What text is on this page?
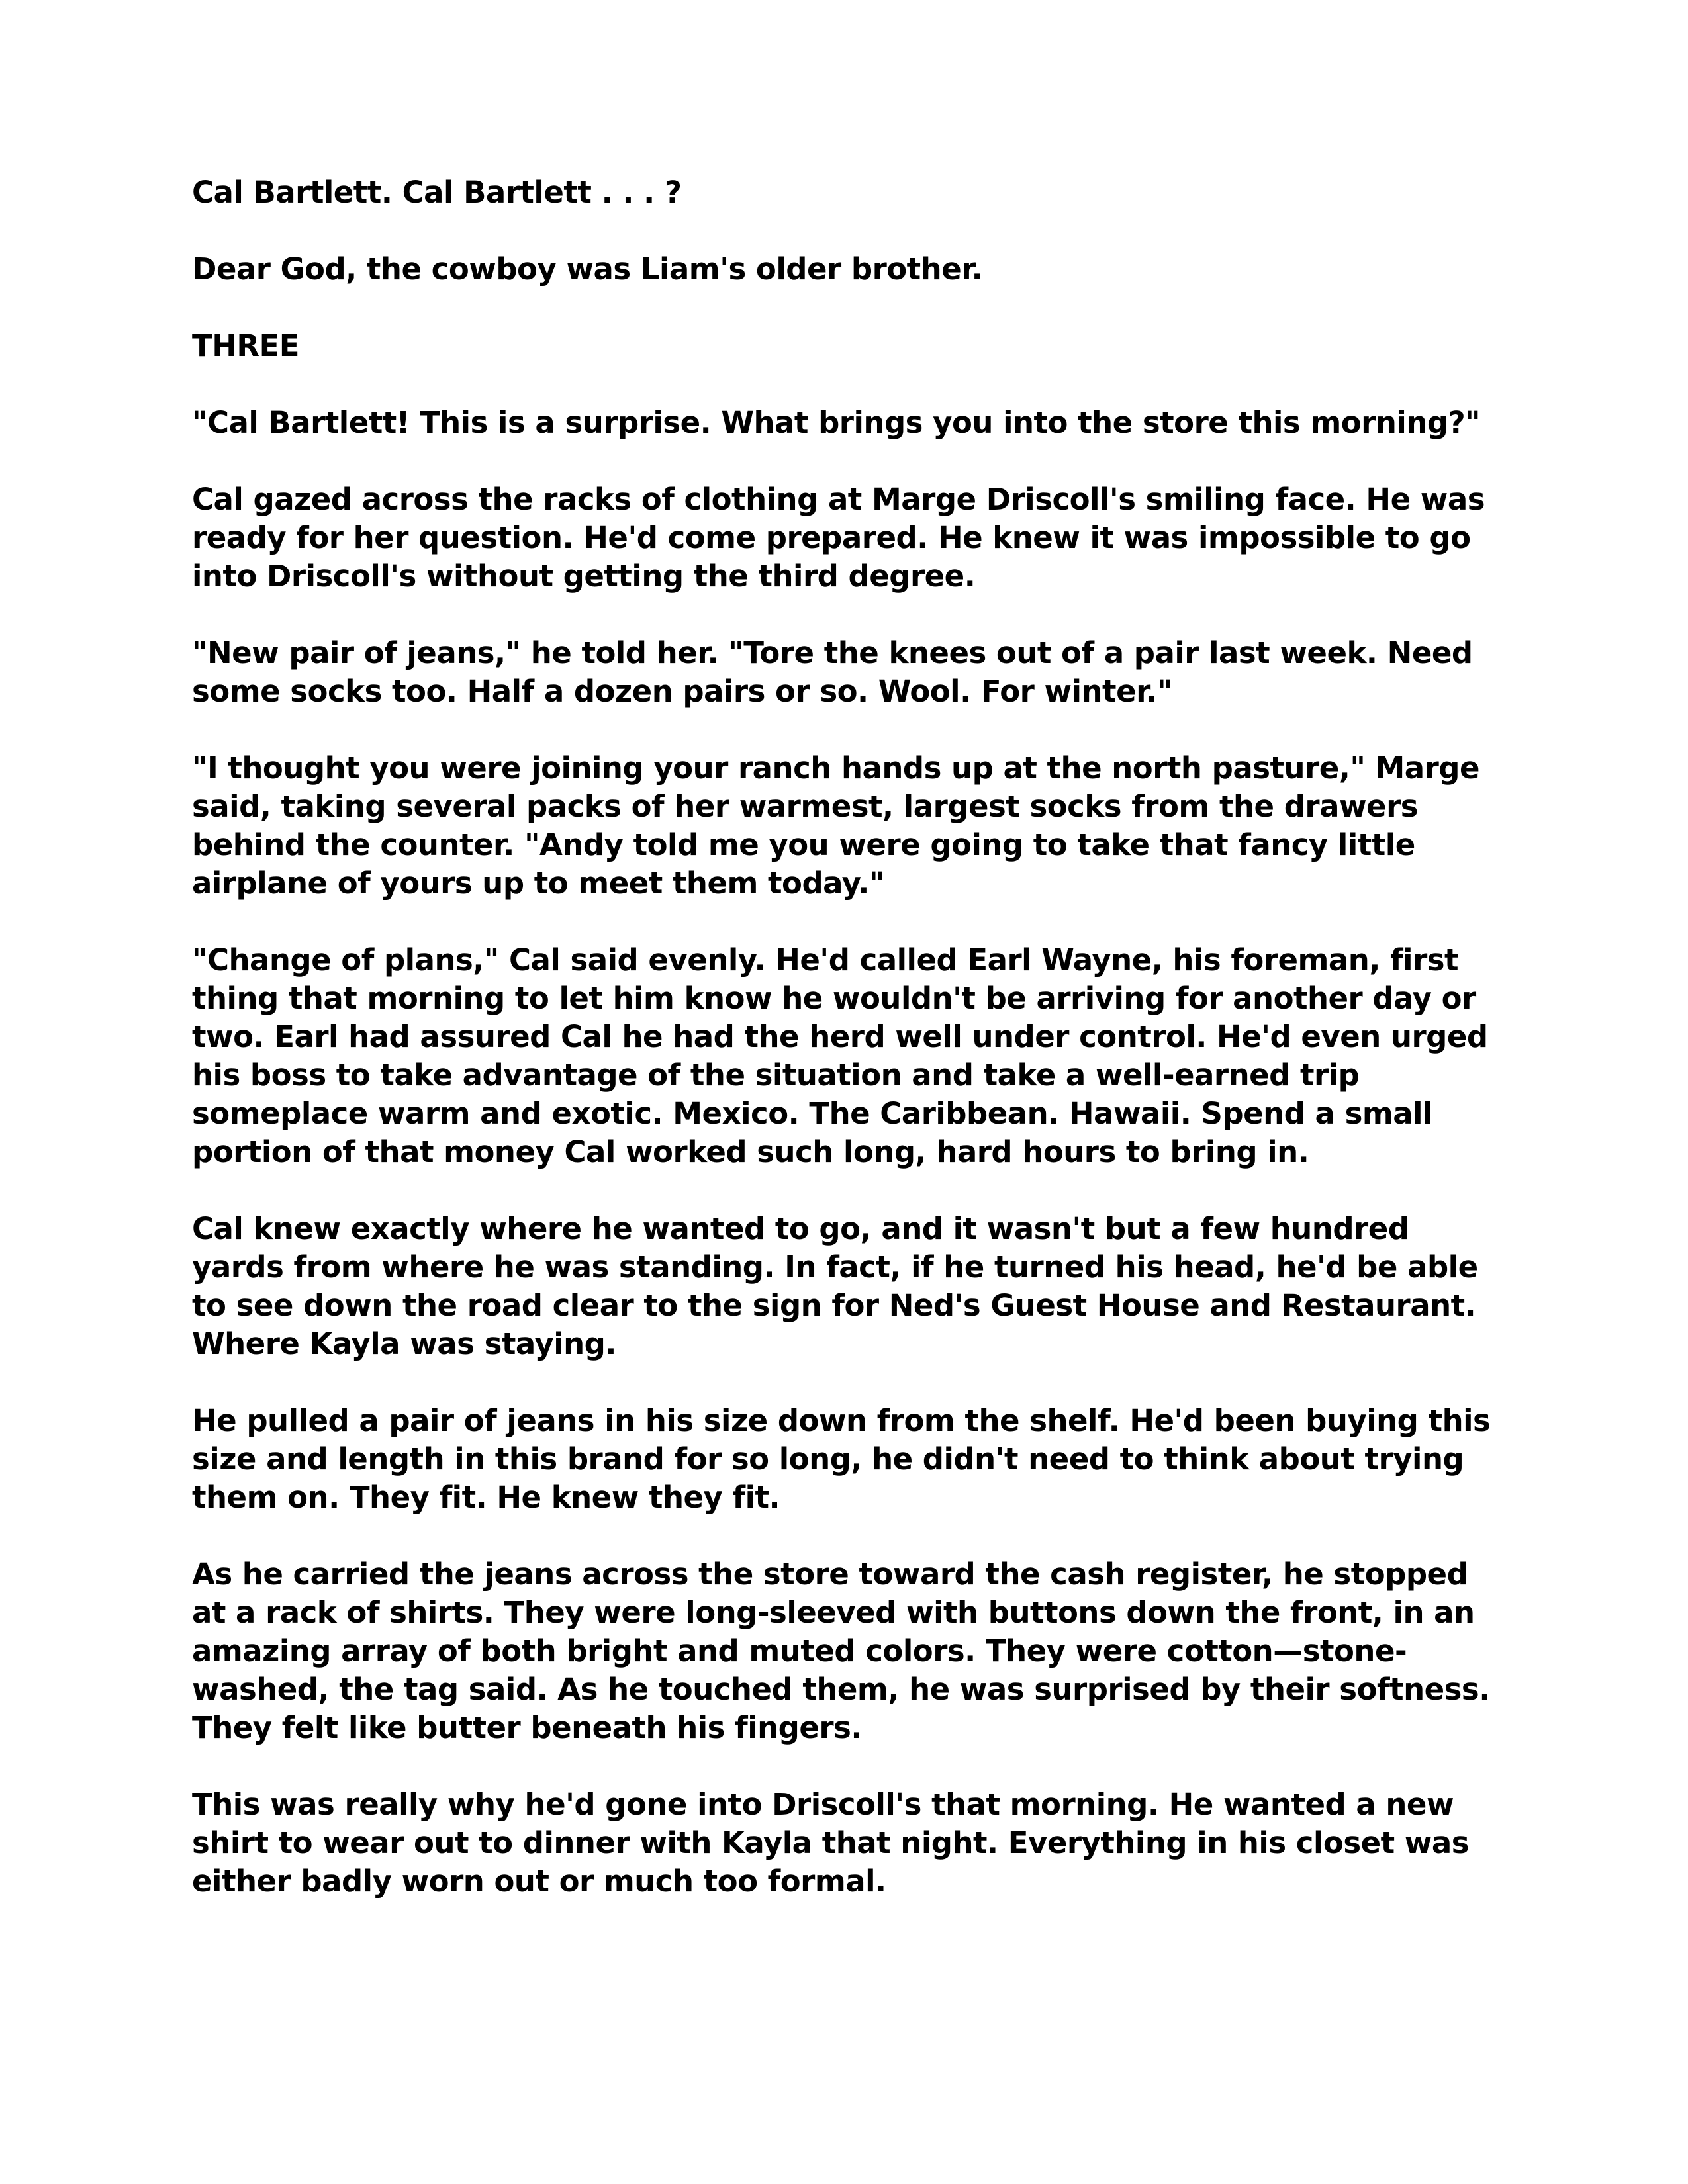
Cal Bartlett. Cal Bartlett . . . ?

Dear God, the cowboy was Liam's older brother.

THREE

"Cal Bartlett! This is a surprise. What brings you into the store this morning?"

Cal gazed across the racks of clothing at Marge Driscoll's smiling face. He was ready for her question. He'd come prepared. He knew it was impossible to go into Driscoll's without getting the third degree.

"New pair of jeans," he told her. "Tore the knees out of a pair last week. Need some socks too. Half a dozen pairs or so. Wool. For winter."

"I thought you were joining your ranch hands up at the north pasture," Marge said, taking several packs of her warmest, largest socks from the drawers behind the counter. "Andy told me you were going to take that fancy little airplane of yours up to meet them today."

"Change of plans," Cal said evenly. He'd called Earl Wayne, his foreman, first thing that morning to let him know he wouldn't be arriving for another day or two. Earl had assured Cal he had the herd well under control. He'd even urged his boss to take advantage of the situation and take a well-earned trip someplace warm and exotic. Mexico. The Caribbean. Hawaii. Spend a small portion of that money Cal worked such long, hard hours to bring in.

Cal knew exactly where he wanted to go, and it wasn't but a few hundred yards from where he was standing. In fact, if he turned his head, he'd be able to see down the road clear to the sign for Ned's Guest House and Restaurant. Where Kayla was staying.

He pulled a pair of jeans in his size down from the shelf. He'd been buying this size and length in this brand for so long, he didn't need to think about trying them on. They fit. He knew they fit.

As he carried the jeans across the store toward the cash register, he stopped at a rack of shirts. They were long-sleeved with buttons down the front, in an amazing array of both bright and muted colors. They were cotton—stone-washed, the tag said. As he touched them, he was surprised by their softness. They felt like butter beneath his fingers.

This was really why he'd gone into Driscoll's that morning. He wanted a new shirt to wear out to dinner with Kayla that night. Everything in his closet was either badly worn out or much too formal.
